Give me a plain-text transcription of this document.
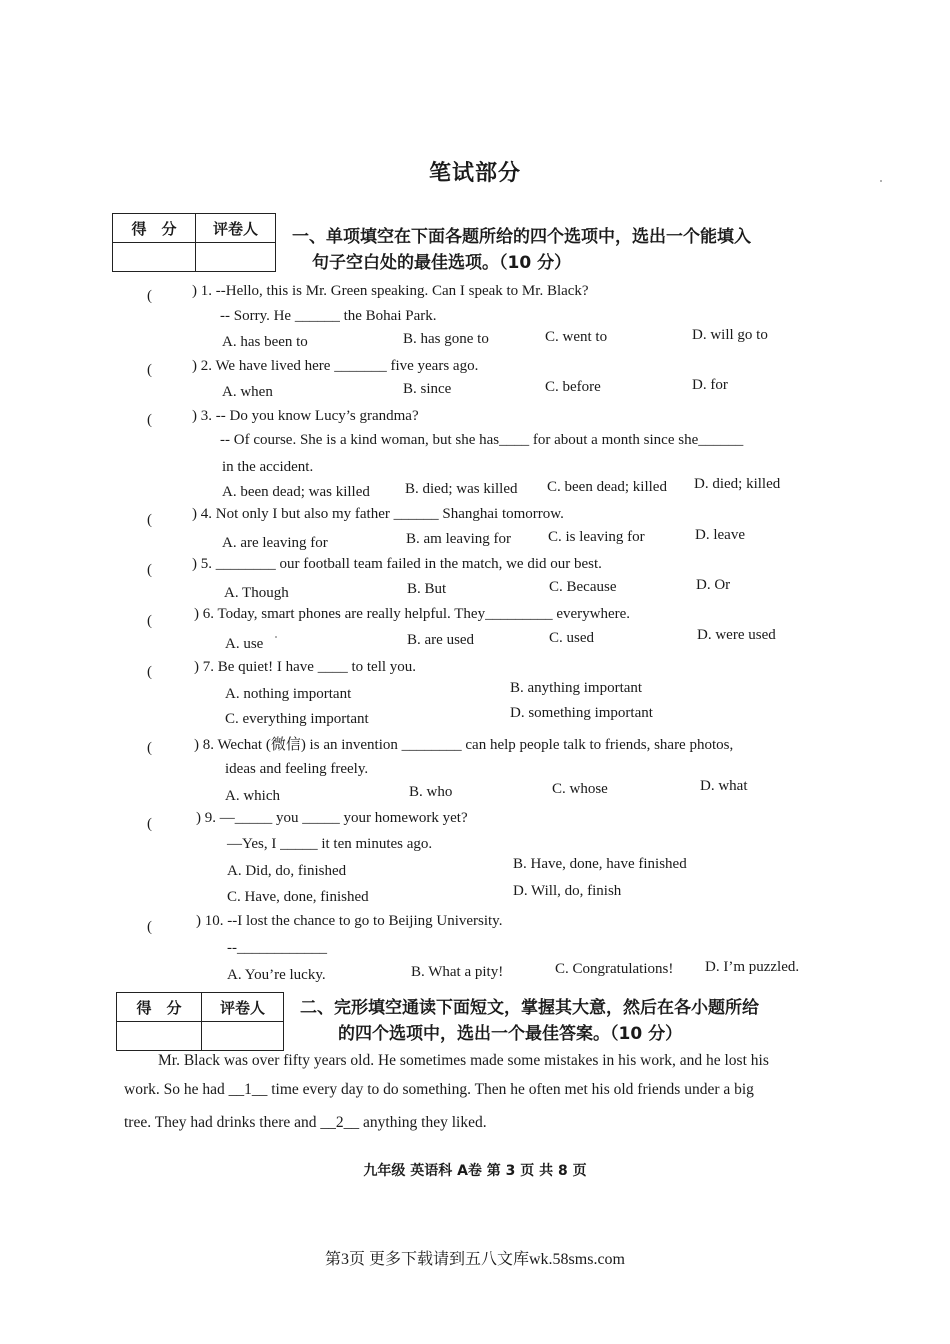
笔试部分
得　分	评卷人
	一、单项填空在下面各题所给的四个选项中，选出一个能填入
句子空白处的最佳选项。（10 分）
(	) 1. --Hello, this is Mr. Green speaking. Can I speak to Mr. Black?
-- Sorry. He ______ the Bohai Park.
A. has been to	B. has gone to	C. went to	D. will go to
(	) 2. We have lived here _______ five years ago.
A. when	B. since	C. before	D. for
(	) 3. -- Do you know Lucy’s grandma?
-- Of course. She is a kind woman, but she has____ for about a month since she______
in the accident.
A. been dead; was killed B. died; was killed C. been dead; killed D. died; killed
(	) 4. Not only I but also my father ______ Shanghai tomorrow.
A. are leaving for	B. am leaving for C. is leaving for	D. leave
(	) 5. ________ our football team failed in the match, we did our best.
A. Though	B. But	C. Because	D. Or
(	) 6. Today, smart phones are really helpful. They_________ everywhere.
A. use	B. are used	C. used	D. were used
(	) 7. Be quiet! I have ____ to tell you.
A. nothing important	B. anything important
C. everything important	D. something important
(	) 8. Wechat (微信) is an invention ________ can help people talk to friends, share photos,
ideas and feeling freely.
A. which	B. who	C. whose	D. what
(	) 9. —_____ you _____ your homework yet?
—Yes, I _____ it ten minutes ago.
A. Did, do, finished	B. Have, done, have finished
C. Have, done, finished	D. Will, do, finish
(	) 10. --I lost the chance to go to Beijing University.
--____________
A. You’re lucky.	B. What a pity!	C. Congratulations! D. I’m puzzled.
得　分	评卷人
	二、完形填空通读下面短文，掌握其大意，然后在各小题所给
的四个选项中，选出一个最佳答案。（10 分）
Mr. Black was over fifty years old. He sometimes made some mistakes in his work, and he lost his
work. So he had __1__ time every day to do something. Then he often met his old friends under a big
tree. They had drinks there and __2__ anything they liked.
九年级 英语科 A卷 第 3 页 共 8 页
第3页 更多下载请到五八文库wk.58sms.com
